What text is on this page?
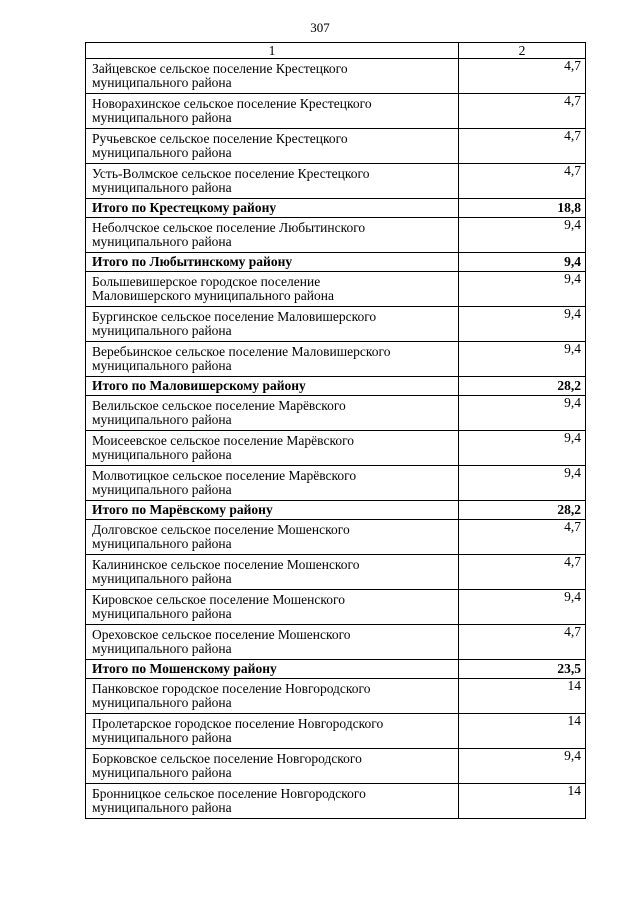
307
1	2
Зайцевское сельское поселение Крестецкого
муниципального района	4,7
Новорахинское сельское поселение Крестецкого
муниципального района	4,7
Ручьевское сельское поселение Крестецкого
муниципального района	4,7
Усть-Волмское сельское поселение Крестецкого
муниципального района	4,7
Итого по Крестецкому району	18,8
Неболчское сельское поселение Любытинского
муниципального района	9,4
Итого по Любытинскому району	9,4
Большевишерское городское поселение
Маловишерского муниципального района	9,4
Бургинское сельское поселение Маловишерского
муниципального района	9,4
Веребьинское сельское поселение Маловишерского
муниципального района	9,4
Итого по Маловишерскому району	28,2
Велильское сельское поселение Марёвского
муниципального района	9,4
Моисеевское сельское поселение Марёвского
муниципального района	9,4
Молвотицкое сельское поселение Марёвского
муниципального района	9,4
Итого по Марёвскому району	28,2
Долговское сельское поселение Мошенского
муниципального района	4,7
Калининское сельское поселение Мошенского
муниципального района	4,7
Кировское сельское поселение Мошенского
муниципального района	9,4
Ореховское сельское поселение Мошенского
муниципального района	4,7
Итого по Мошенскому району	23,5
Панковское городское поселение Новгородского
муниципального района	14
Пролетарское городское поселение Новгородского
муниципального района	14
Борковское сельское поселение Новгородского
муниципального района	9,4
Бронницкое сельское поселение Новгородского
муниципального района	14
